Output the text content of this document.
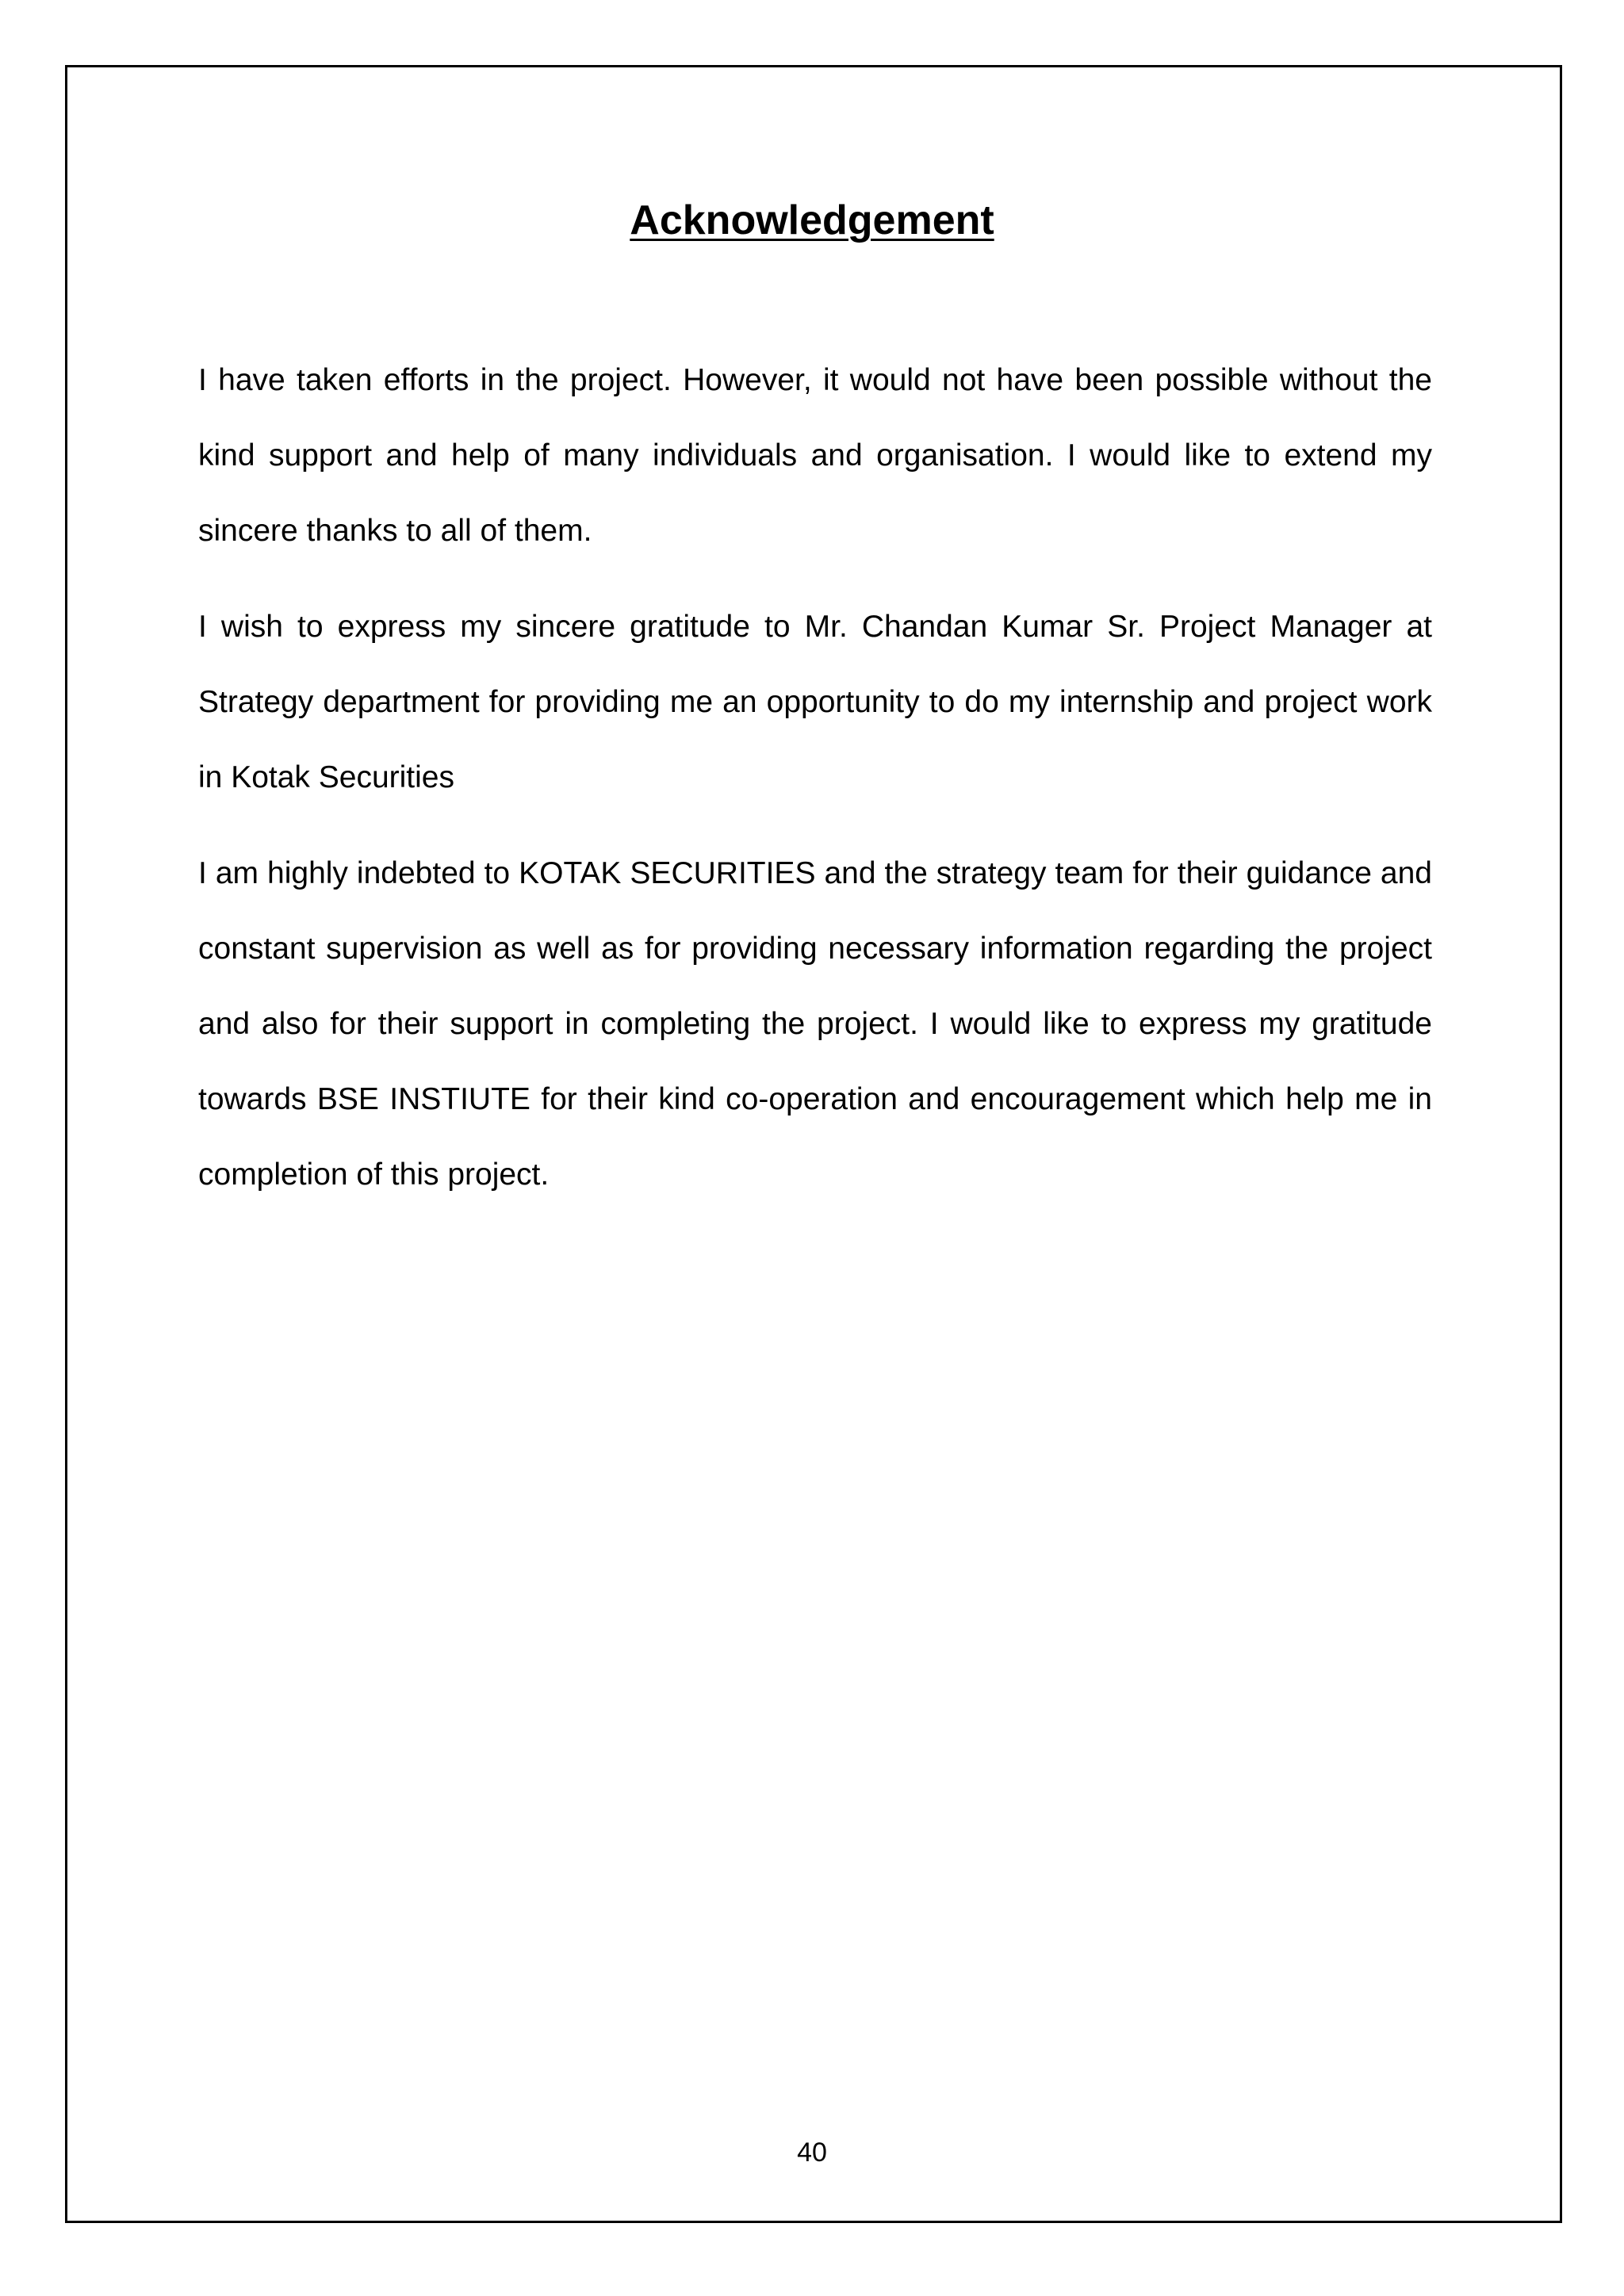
Acknowledgement

I have taken efforts in the project. However, it would not have been possible without the kind support and help of many individuals and organisation. I would like to extend my sincere thanks to all of them.

I wish to express my sincere gratitude to Mr. Chandan Kumar Sr. Project Manager at Strategy department for providing me an opportunity to do my internship and project work in Kotak Securities

I am highly indebted to KOTAK SECURITIES and the strategy team for their guidance and constant supervision as well as for providing necessary information regarding the project and also for their support in completing the project. I would like to express my gratitude towards BSE INSTIUTE for their kind co-operation and encouragement which help me in completion of this project.

40
